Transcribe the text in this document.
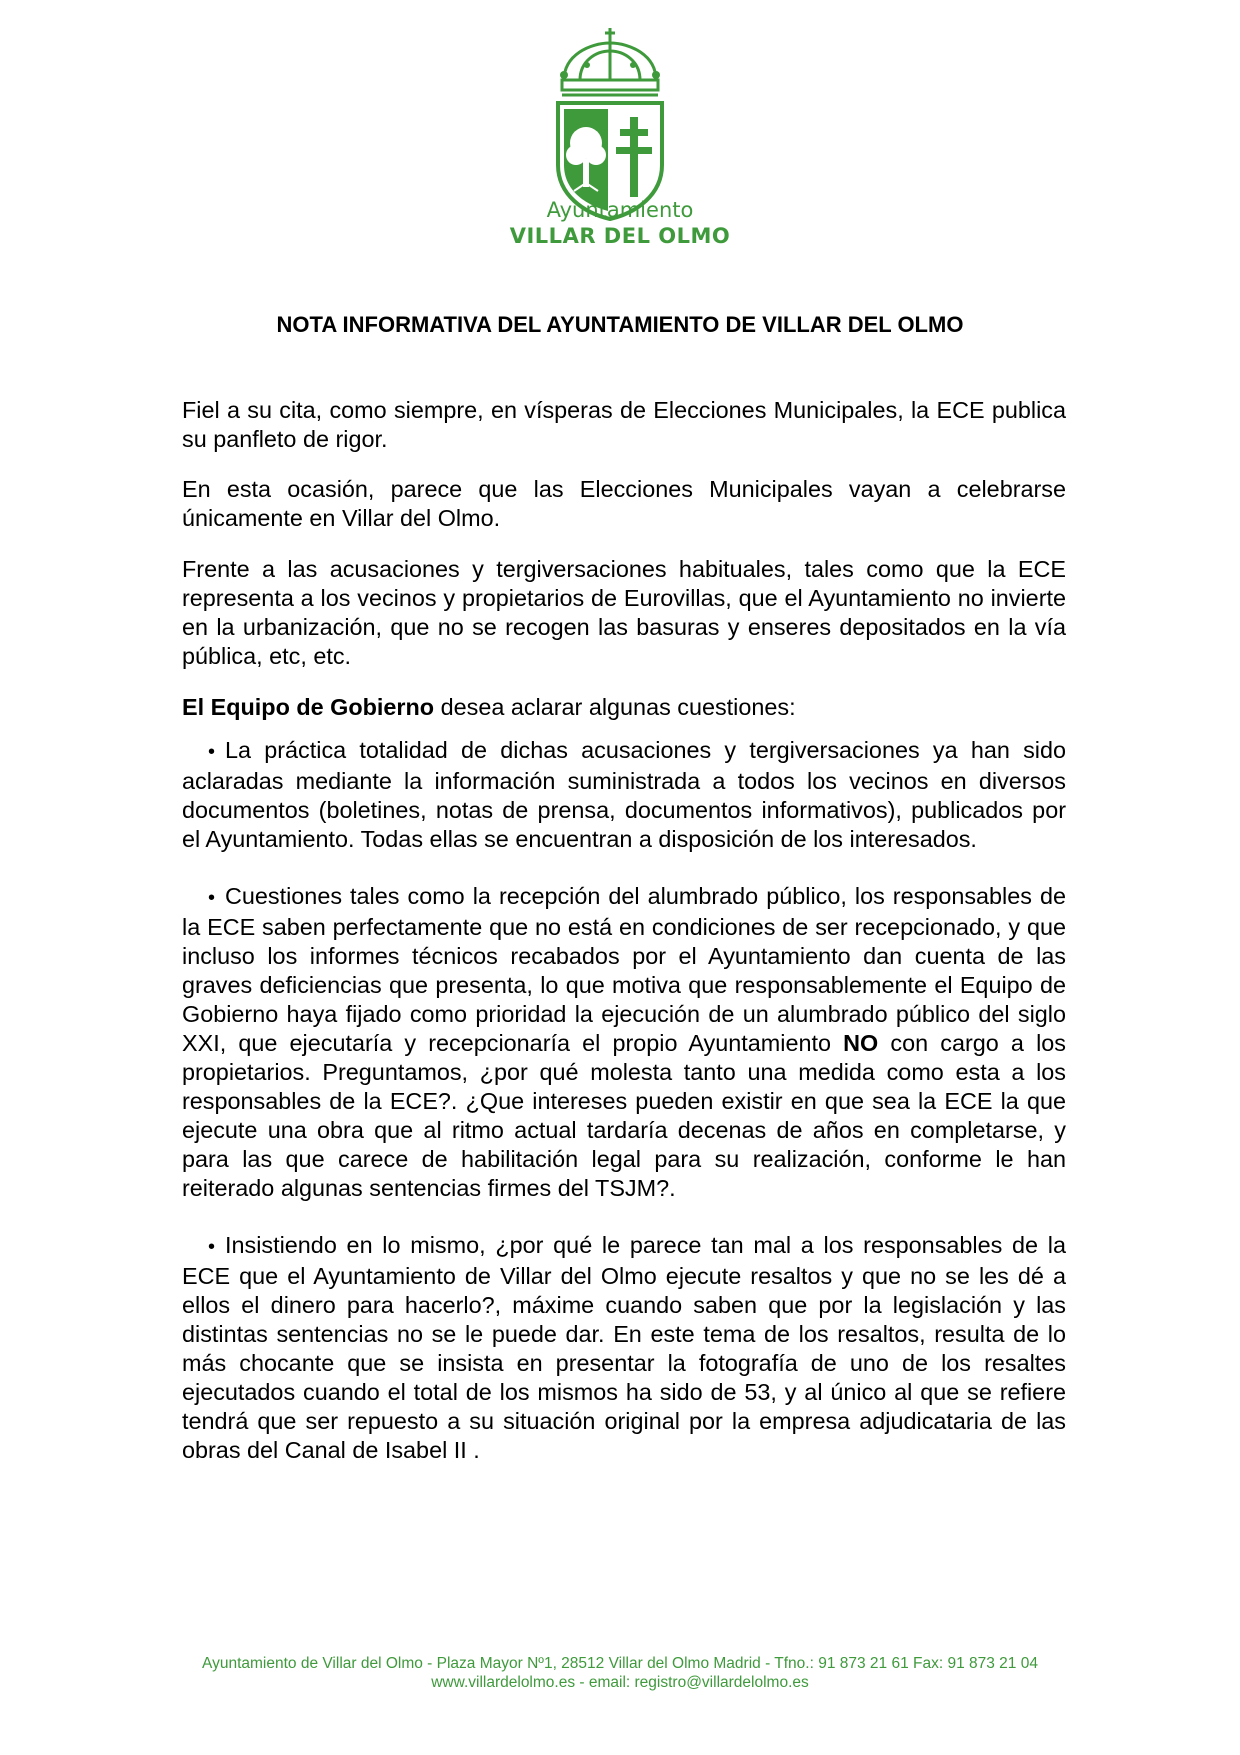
Ayuntamiento
VILLAR DEL OLMO
NOTA INFORMATIVA DEL AYUNTAMIENTO DE VILLAR DEL OLMO

Fiel a su cita, como siempre, en vísperas de Elecciones Municipales, la ECE publica su panfleto de rigor.

En esta ocasión, parece que las Elecciones Municipales vayan a celebrarse únicamente en Villar del Olmo.

Frente a las acusaciones y tergiversaciones habituales, tales como que la ECE representa a los vecinos y propietarios de Eurovillas, que el Ayuntamiento no invierte en la urbanización, que no se recogen las basuras y enseres depositados en la vía pública, etc, etc.

El Equipo de Gobierno desea aclarar algunas cuestiones:

• La práctica totalidad de dichas acusaciones y tergiversaciones ya han sido aclaradas mediante la información suministrada a todos los vecinos en diversos documentos (boletines, notas de prensa, documentos informativos), publicados por el Ayuntamiento. Todas ellas se encuentran a disposición de los interesados.

• Cuestiones tales como la recepción del alumbrado público, los responsables de la ECE saben perfectamente que no está en condiciones de ser recepcionado, y que incluso los informes técnicos recabados por el Ayuntamiento dan cuenta de las graves deficiencias que presenta, lo que motiva que responsablemente el Equipo de Gobierno haya fijado como prioridad la ejecución de un alumbrado público del siglo XXI, que ejecutaría y recepcionaría el propio Ayuntamiento NO con cargo a los propietarios. Preguntamos, ¿por qué molesta tanto una medida como esta a los responsables de la ECE?. ¿Que intereses pueden existir en que sea la ECE la que ejecute una obra que al ritmo actual tardaría decenas de años en completarse, y para las que carece de habilitación legal para su realización, conforme le han reiterado algunas sentencias firmes del TSJM?.

• Insistiendo en lo mismo, ¿por qué le parece tan mal a los responsables de la ECE que el Ayuntamiento de Villar del Olmo ejecute resaltos y que no se les dé a ellos el dinero para hacerlo?, máxime cuando saben que por la legislación y las distintas sentencias no se le puede dar. En este tema de los resaltos, resulta de lo más chocante que se insista en presentar la fotografía de uno de los resaltes ejecutados cuando el total de los mismos ha sido de 53, y al único al que se refiere tendrá que ser repuesto a su situación original por la empresa adjudicataria de las obras del Canal de Isabel II .

Ayuntamiento de Villar del Olmo - Plaza Mayor Nº1, 28512 Villar del Olmo Madrid - Tfno.: 91 873 21 61 Fax: 91 873 21 04
www.villardelolmo.es - email: registro@villardelolmo.es
